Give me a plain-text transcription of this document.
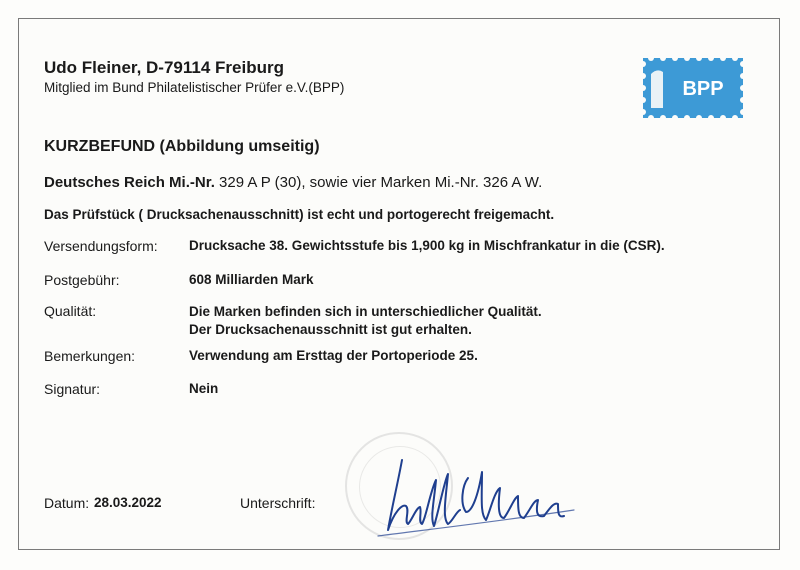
Udo Fleiner, D-79114 Freiburg
Mitglied im Bund Philatelistischer Prüfer e.V.(BPP)	BPP
KURZBEFUND (Abbildung umseitig)
Deutsches Reich Mi.-Nr. 329 A P (30), sowie vier Marken Mi.-Nr. 326 A W.
Das Prüfstück ( Drucksachenausschnitt) ist echt und portogerecht freigemacht.
Versendungsform: Drucksache 38. Gewichtsstufe bis 1,900 kg in Mischfrankatur in die (CSR).
Postgebühr:	608 Milliarden Mark
Qualität:	Die Marken befinden sich in unterschiedlicher Qualität.
Der Drucksachenausschnitt ist gut erhalten.
Bemerkungen:	Verwendung am Ersttag der Portoperiode 25.
Signatur:	Nein
Datum: 28.03.2022	Unterschrift:
